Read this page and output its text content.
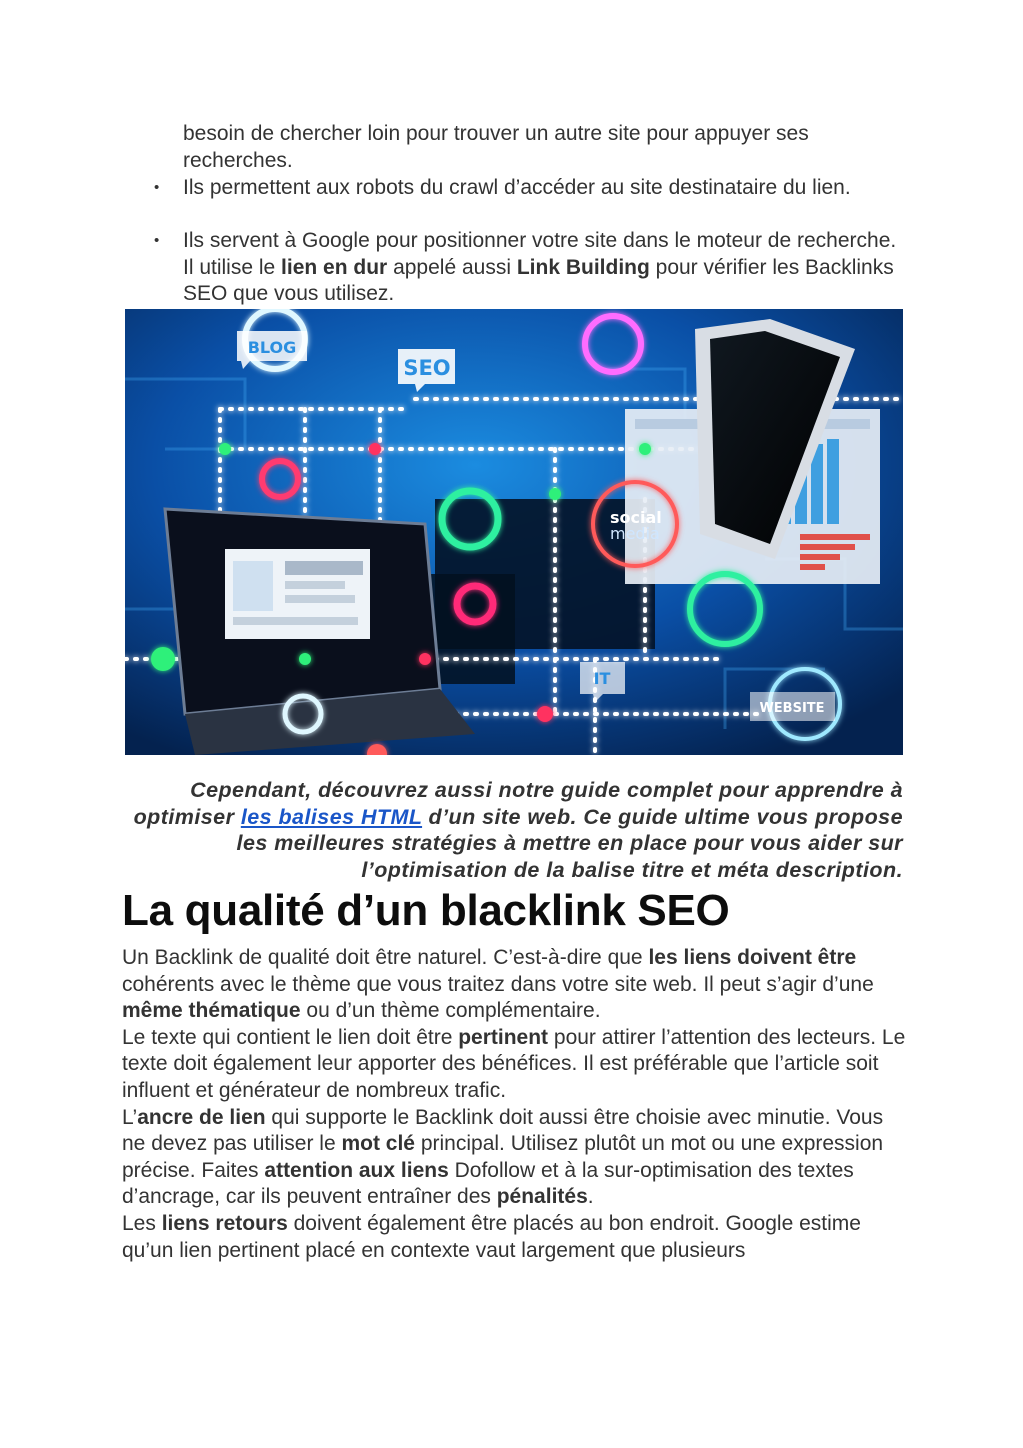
besoin de chercher loin pour trouver un autre site pour appuyer ses recherches.
• Ils permettent aux robots du crawl d’accéder au site destinataire du lien.
• Ils servent à Google pour positionner votre site dans le moteur de recherche. Il utilise le lien en dur appelé aussi Link Building pour vérifier les Backlinks SEO que vous utilisez.
BLOG
SEO
social
media
IT
WEBSITE
Cependant, découvrez aussi notre guide complet pour apprendre à optimiser les balises HTML d’un site web. Ce guide ultime vous propose les meilleures stratégies à mettre en place pour vous aider sur l’optimisation de la balise titre et méta description.
La qualité d’un blacklink SEO

Un Backlink de qualité doit être naturel. C’est-à-dire que les liens doivent être cohérents avec le thème que vous traitez dans votre site web. Il peut s’agir d’une même thématique ou d’un thème complémentaire.

Le texte qui contient le lien doit être pertinent pour attirer l’attention des lecteurs. Le texte doit également leur apporter des bénéfices. Il est préférable que l’article soit influent et générateur de nombreux trafic.

L’ancre de lien qui supporte le Backlink doit aussi être choisie avec minutie. Vous ne devez pas utiliser le mot clé principal. Utilisez plutôt un mot ou une expression précise. Faites attention aux liens Dofollow et à la sur-optimisation des textes d’ancrage, car ils peuvent entraîner des pénalités.

Les liens retours doivent également être placés au bon endroit. Google estime qu’un lien pertinent placé en contexte vaut largement que plusieurs
